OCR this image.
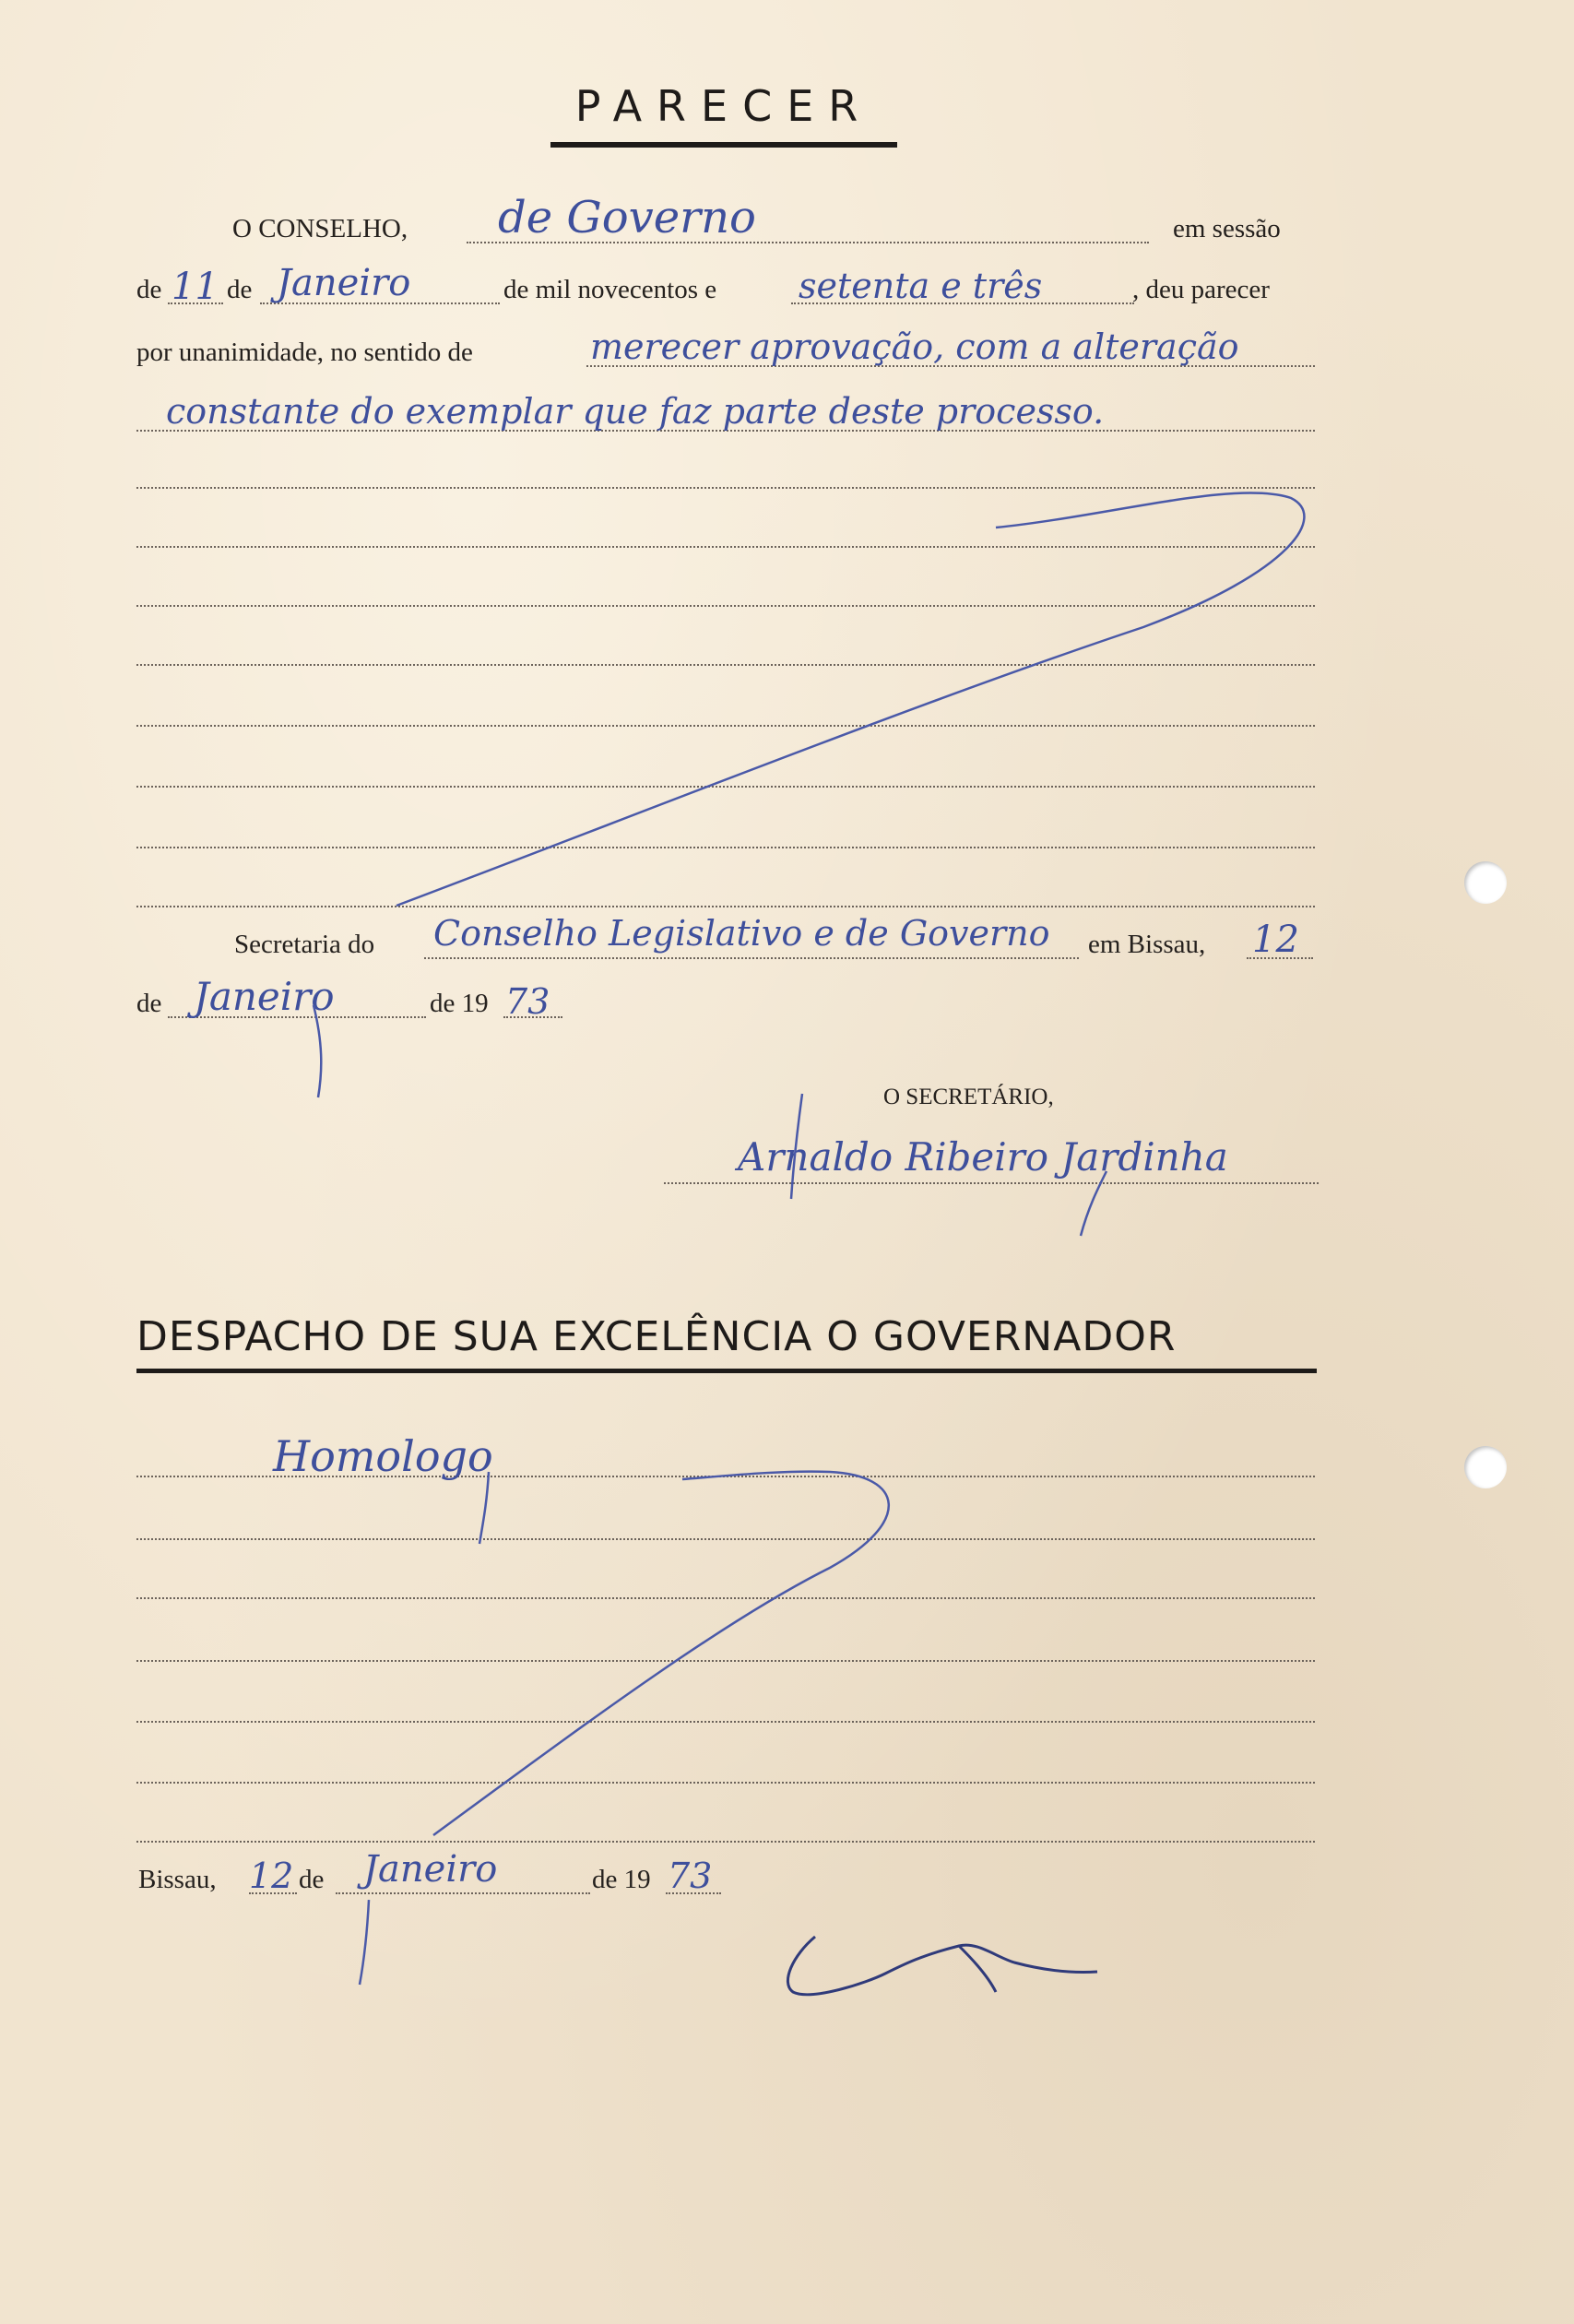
PARECER
O CONSELHO, de Governo	em sessão
de 11 de Janeiro	de mil novecentos e setenta e três	, deu parecer
por unanimidade, no sentido de	merecer aprovação, com a alteração
constante do exemplar que faz parte deste processo.
Secretaria do Conselho Legislativo e de Governo em Bissau, 12
de Janeiro	de 19 73
O SECRETÁRIO,
Arnaldo Ribeiro Jardinha
DESPACHO DE SUA EXCELÊNCIA O GOVERNADOR
Homologo
Bissau, 12 de Janeiro	de 19 73
